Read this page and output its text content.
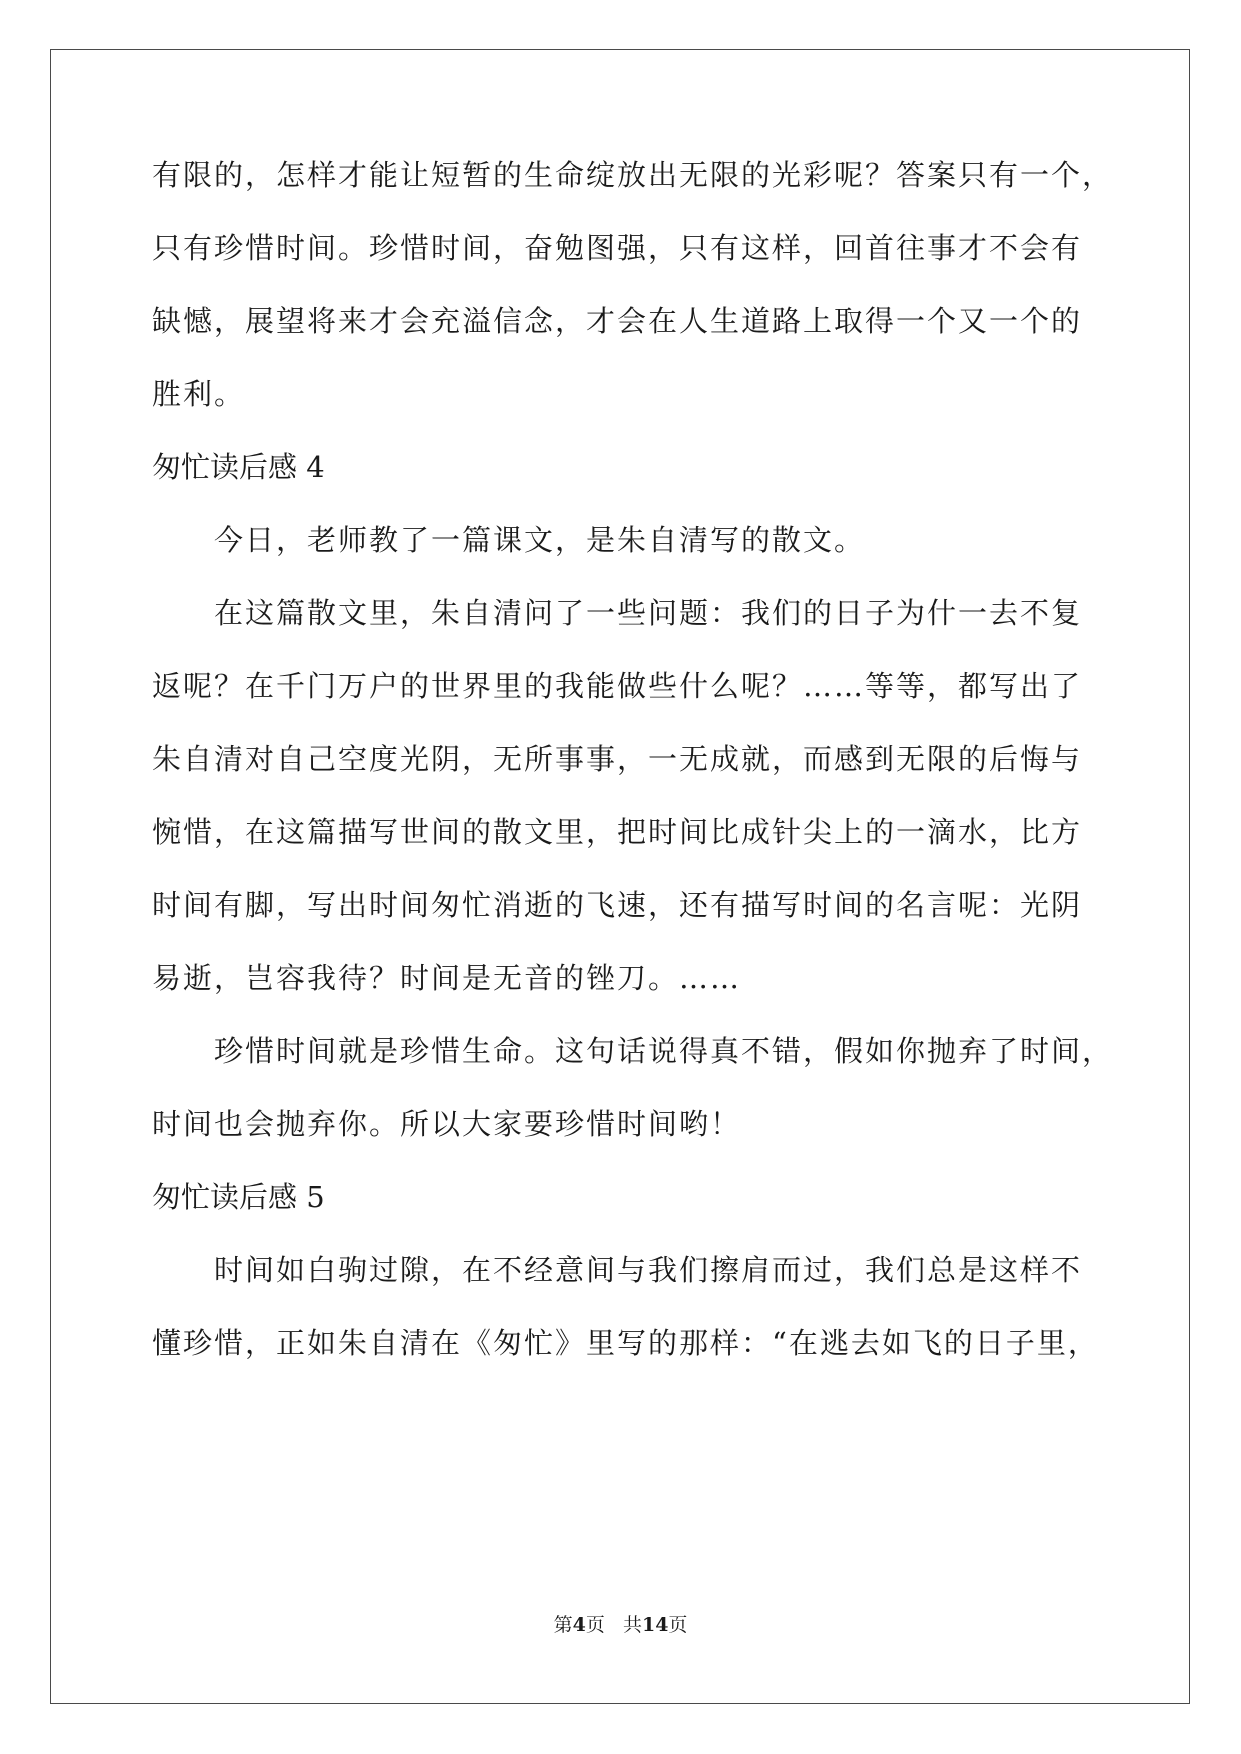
有限的，怎样才能让短暂的生命绽放出无限的光彩呢？答案只有一个，
只有珍惜时间。珍惜时间，奋勉图强，只有这样，回首往事才不会有
缺憾，展望将来才会充溢信念，才会在人生道路上取得一个又一个的
胜利。
匆忙读后感 4
今日，老师教了一篇课文，是朱自清写的散文。
在这篇散文里，朱自清问了一些问题：我们的日子为什一去不复
返呢？在千门万户的世界里的我能做些什么呢？……等等，都写出了
朱自清对自己空度光阴，无所事事，一无成就，而感到无限的后悔与
惋惜，在这篇描写世间的散文里，把时间比成针尖上的一滴水，比方
时间有脚，写出时间匆忙消逝的飞速，还有描写时间的名言呢：光阴
易逝，岂容我待？时间是无音的锉刀。……
珍惜时间就是珍惜生命。这句话说得真不错，假如你抛弃了时间，
时间也会抛弃你。所以大家要珍惜时间哟！
匆忙读后感 5
时间如白驹过隙，在不经意间与我们擦肩而过，我们总是这样不
懂珍惜，正如朱自清在《匆忙》里写的那样：“在逃去如飞的日子里，
第4页 共14页
